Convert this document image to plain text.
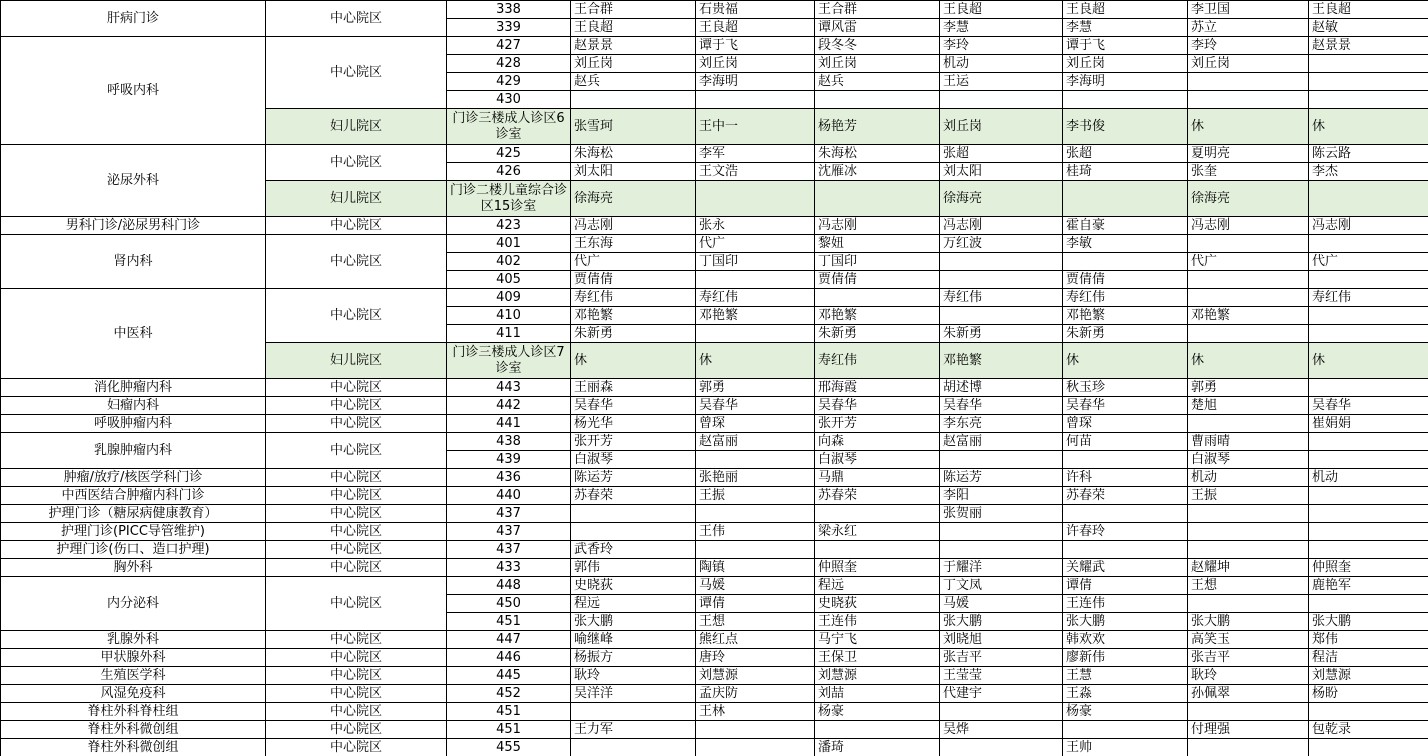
肝病门诊	中心院区	338	王合群	石贵福	王合群	王良超	王良超	李卫国	王良超
		339	王良超	王良超	谭风雷	李慧	李慧	苏立	赵敏
呼吸内科	中心院区	427	赵景景	谭于飞	段冬冬	李玲	谭于飞	李玲	赵景景
		428	刘丘岗	刘丘岗	刘丘岗	机动	刘丘岗	刘丘岗	
		429	赵兵	李海明	赵兵	王运	李海明		
		430							
	妇儿院区	门诊三楼成人诊区6诊室	张雪珂	王中一	杨艳芳	刘丘岗	李书俊	休	休
泌尿外科	中心院区	425	朱海松	李军	朱海松	张超	张超	夏明亮	陈云路
		426	刘太阳	王文浩	沈雁冰	刘太阳	桂琦	张奎	李杰
	妇儿院区	门诊二楼儿童综合诊区15诊室	徐海亮			徐海亮		徐海亮	
男科门诊/泌尿男科门诊	中心院区	423	冯志刚	张永	冯志刚	冯志刚	霍自豪	冯志刚	冯志刚
肾内科	中心院区	401	王东海	代广	黎妞	万红波	李敏		
		402	代广	丁国印	丁国印			代广	代广
		405	贾倩倩		贾倩倩		贾倩倩		
中医科	中心院区	409	寿红伟	寿红伟		寿红伟	寿红伟		寿红伟
		410	邓艳繁	邓艳繁	邓艳繁		邓艳繁	邓艳繁	
		411	朱新勇		朱新勇	朱新勇	朱新勇		
	妇儿院区	门诊三楼成人诊区7诊室	休	休	寿红伟	邓艳繁	休	休	休
消化肿瘤内科	中心院区	443	王丽森	郭勇	邢海霞	胡述博	秋玉珍	郭勇	
妇瘤内科	中心院区	442	吴春华	吴春华	吴春华	吴春华	吴春华	楚旭	吴春华
呼吸肿瘤内科	中心院区	441	杨光华	曾琛	张开芳	李东亮	曾琛		崔娟娟
乳腺肿瘤内科	中心院区	438	张开芳	赵富丽	向森	赵富丽	何苗	曹雨晴	
		439	白淑琴		白淑琴			白淑琴	
肿瘤/放疗/核医学科门诊	中心院区	436	陈运芳	张艳丽	马鼎	陈运芳	许科	机动	机动
中西医结合肿瘤内科门诊	中心院区	440	苏春荣	王振	苏春荣	李阳	苏春荣	王振	
护理门诊（糖尿病健康教育）	中心院区	437				张贺丽			
护理门诊(PICC导管维护)	中心院区	437		王伟	梁永红		许春玲		
护理门诊(伤口、造口护理)	中心院区	437	武香玲						
胸外科	中心院区	433	郭伟	陶镇	仲照奎	于耀洋	关耀武	赵耀坤	仲照奎
内分泌科	中心院区	448	史晓荻	马媛	程远	丁文凤	谭倩	王想	鹿艳军
		450	程远	谭倩	史晓荻	马媛	王连伟		
		451	张大鹏	王想	王连伟	张大鹏	张大鹏	张大鹏	张大鹏
乳腺外科	中心院区	447	喻继峰	熊红点	马宁飞	刘晓旭	韩欢欢	高笑玉	郑伟
甲状腺外科	中心院区	446	杨振方	唐玲	王保卫	张吉平	廖新伟	张吉平	程洁
生殖医学科	中心院区	445	耿玲	刘慧源	刘慧源	王莹莹	王慧	耿玲	刘慧源
风湿免疫科	中心院区	452	吴洋洋	孟庆防	刘喆	代建宇	王淼	孙佩翠	杨盼
脊柱外科脊柱组	中心院区	451		王林	杨豪		杨豪		
脊柱外科微创组	中心院区	451	王力军			吴烨		付理强	包乾录
脊柱外科微创组	中心院区	455			潘琦		王帅		
